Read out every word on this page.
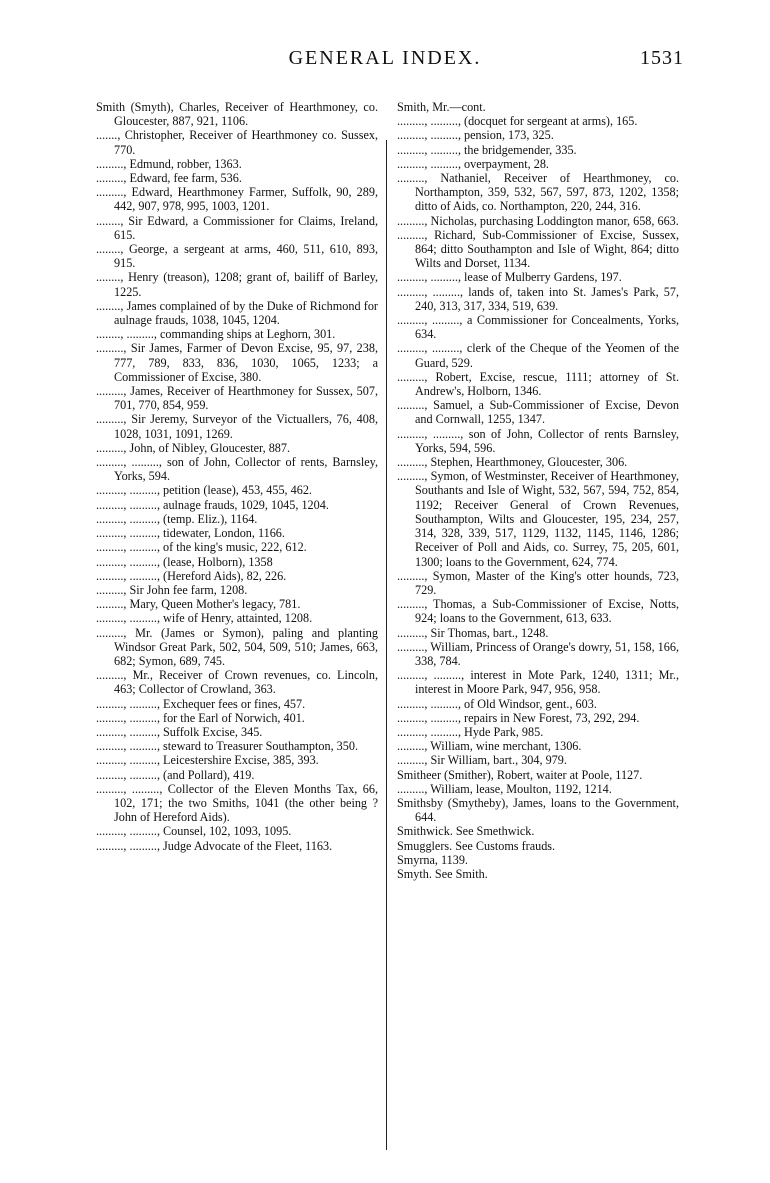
GENERAL INDEX.	1531

Smith (Smyth), Charles, Receiver of Hearthmoney, co. Gloucester, 887, 921, 1106.

......., Christopher, Receiver of Hearthmoney co. Sussex, 770.

........., Edmund, robber, 1363.

........., Edward, fee farm, 536.

........., Edward, Hearthmoney Farmer, Suffolk, 90, 289, 442, 907, 978, 995, 1003, 1201.

........, Sir Edward, a Commissioner for Claims, Ireland, 615.

........, George, a sergeant at arms, 460, 511, 610, 893, 915.

........, Henry (treason), 1208; grant of, bailiff of Barley, 1225.

........, James complained of by the Duke of Richmond for aulnage frauds, 1038, 1045, 1204.

........, ........., commanding ships at Leghorn, 301.

........., Sir James, Farmer of Devon Excise, 95, 97, 238, 777, 789, 833, 836, 1030, 1065, 1233; a Commissioner of Excise, 380.

........., James, Receiver of Hearthmoney for Sussex, 507, 701, 770, 854, 959.

........., Sir Jeremy, Surveyor of the Victuallers, 76, 408, 1028, 1031, 1091, 1269.

........., John, of Nibley, Gloucester, 887.

........., ........., son of John, Collector of rents, Barnsley, Yorks, 594.

........., ........., petition (lease), 453, 455, 462.

........., ........., aulnage frauds, 1029, 1045, 1204.

........., ........., (temp. Eliz.), 1164.

........., ........., tidewater, London, 1166.

........., ........., of the king's music, 222, 612.

........., ........., (lease, Holborn), 1358

........., ........., (Hereford Aids), 82, 226.

........., Sir John fee farm, 1208.

........., Mary, Queen Mother's legacy, 781.

........., ........., wife of Henry, attainted, 1208.

........., Mr. (James or Symon), paling and planting Windsor Great Park, 502, 504, 509, 510; James, 663, 682; Symon, 689, 745.

........., Mr., Receiver of Crown revenues, co. Lincoln, 463; Collector of Crowland, 363.

........., ........., Exchequer fees or fines, 457.

........., ........., for the Earl of Norwich, 401.

........., ........., Suffolk Excise, 345.

........., ........., steward to Treasurer Southampton, 350.

........., ........., Leicestershire Excise, 385, 393.

........., ........., (and Pollard), 419.

........., ........., Collector of the Eleven Months Tax, 66, 102, 171; the two Smiths, 1041 (the other being ? John of Hereford Aids).

........., ........., Counsel, 102, 1093, 1095.

........., ........., Judge Advocate of the Fleet, 1163.

Smith, Mr.—cont.

........., ........., (docquet for sergeant at arms), 165.

........., ........., pension, 173, 325.

........., ........., the bridgemender, 335.

........., ........., overpayment, 28.

........., Nathaniel, Receiver of Hearthmoney, co. Northampton, 359, 532, 567, 597, 873, 1202, 1358; ditto of Aids, co. Northampton, 220, 244, 316.

........., Nicholas, purchasing Loddington manor, 658, 663.

........., Richard, Sub-Commissioner of Excise, Sussex, 864; ditto Southampton and Isle of Wight, 864; ditto Wilts and Dorset, 1134.

........., ........., lease of Mulberry Gardens, 197.

........., ........., lands of, taken into St. James's Park, 57, 240, 313, 317, 334, 519, 639.

........., ........., a Commissioner for Concealments, Yorks, 634.

........., ........., clerk of the Cheque of the Yeomen of the Guard, 529.

........., Robert, Excise, rescue, 1111; attorney of St. Andrew's, Holborn, 1346.

........., Samuel, a Sub-Commissioner of Excise, Devon and Cornwall, 1255, 1347.

........., ........., son of John, Collector of rents Barnsley, Yorks, 594, 596.

........., Stephen, Hearthmoney, Gloucester, 306.

........., Symon, of Westminster, Receiver of Hearthmoney, Southants and Isle of Wight, 532, 567, 594, 752, 854, 1192; Receiver General of Crown Revenues, Southampton, Wilts and Gloucester, 195, 234, 257, 314, 328, 339, 517, 1129, 1132, 1145, 1146, 1286; Receiver of Poll and Aids, co. Surrey, 75, 205, 601, 1300; loans to the Government, 624, 774.

........., Symon, Master of the King's otter hounds, 723, 729.

........., Thomas, a Sub-Commissioner of Excise, Notts, 924; loans to the Government, 613, 633.

........., Sir Thomas, bart., 1248.

........., William, Princess of Orange's dowry, 51, 158, 166, 338, 784.

........., ........., interest in Mote Park, 1240, 1311; Mr., interest in Moore Park, 947, 956, 958.

........., ........., of Old Windsor, gent., 603.

........., ........., repairs in New Forest, 73, 292, 294.

........., ........., Hyde Park, 985.

........., William, wine merchant, 1306.

........., Sir William, bart., 304, 979.

Smitheer (Smither), Robert, waiter at Poole, 1127.

........., William, lease, Moulton, 1192, 1214.

Smithsby (Smytheby), James, loans to the Government, 644.

Smithwick. See Smethwick.

Smugglers. See Customs frauds.

Smyrna, 1139.

Smyth. See Smith.
